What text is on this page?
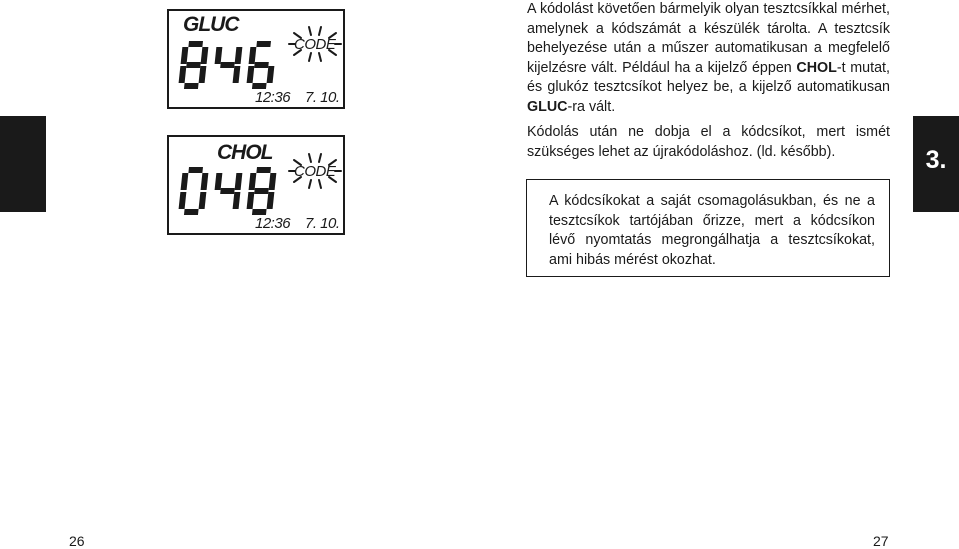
GLUC
CODE
12:36 7. 10.
CHOL
CODE
12:36 7. 10.

A kódolást követően bármelyik olyan tesztcsíkkal mérhet, amelynek a kódszámát a készülék tárolta. A tesztcsík behelyezése után a műszer automatikusan a megfelelő kijelzésre vált. Például ha a kijelző éppen CHOL-t mutat, és glukóz tesztcsíkot helyez be, a kijelző automatikusan GLUC-ra vált.

Kódolás után ne dobja el a kódcsíkot, mert ismét szükséges lehet az újrakódoláshoz. (ld. később).

A kódcsíkokat a saját csomagolásukban, és ne a tesztcsíkok tartójában őrizze, mert a kódcsíkon lévő nyomtatás megrongálhatja a tesztcsíkokat, ami hibás mérést okozhat.

3.
26	27
